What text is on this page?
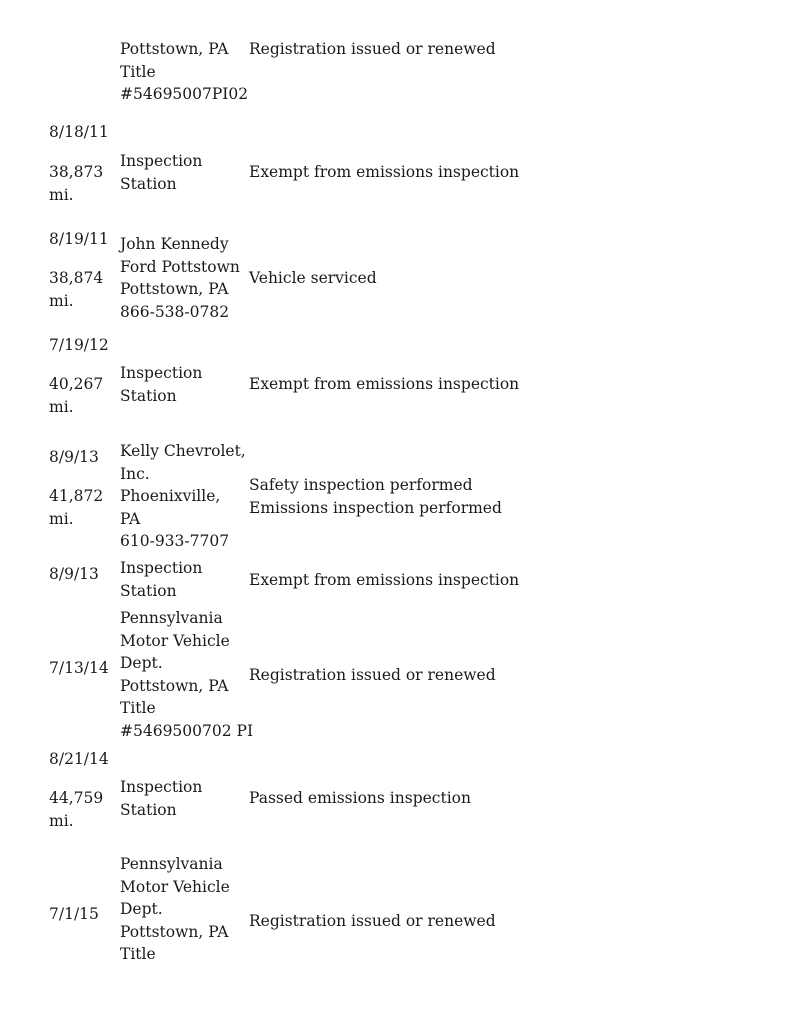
Pottstown, PA
Title
#54695007PI02
Registration issued or renewed
8/18/11
38,873
mi.
Inspection
Station
Exempt from emissions inspection
8/19/11
38,874
mi.
John Kennedy
Ford Pottstown
Pottstown, PA
866-538-0782
Vehicle serviced
7/19/12
40,267
mi.
Inspection
Station
Exempt from emissions inspection
8/9/13
41,872
mi.
Kelly Chevrolet,
Inc.
Phoenixville,
PA
610-933-7707
Safety inspection performed
Emissions inspection performed
8/9/13	Inspection
Station
Exempt from emissions inspection
7/13/14
Pennsylvania
Motor Vehicle
Dept.
Pottstown, PA
Title
#5469500702 PI
Registration issued or renewed
8/21/14
44,759
mi.
Inspection
Station
Passed emissions inspection
7/1/15
Pennsylvania
Motor Vehicle
Dept.
Pottstown, PA
Title
Registration issued or renewed
